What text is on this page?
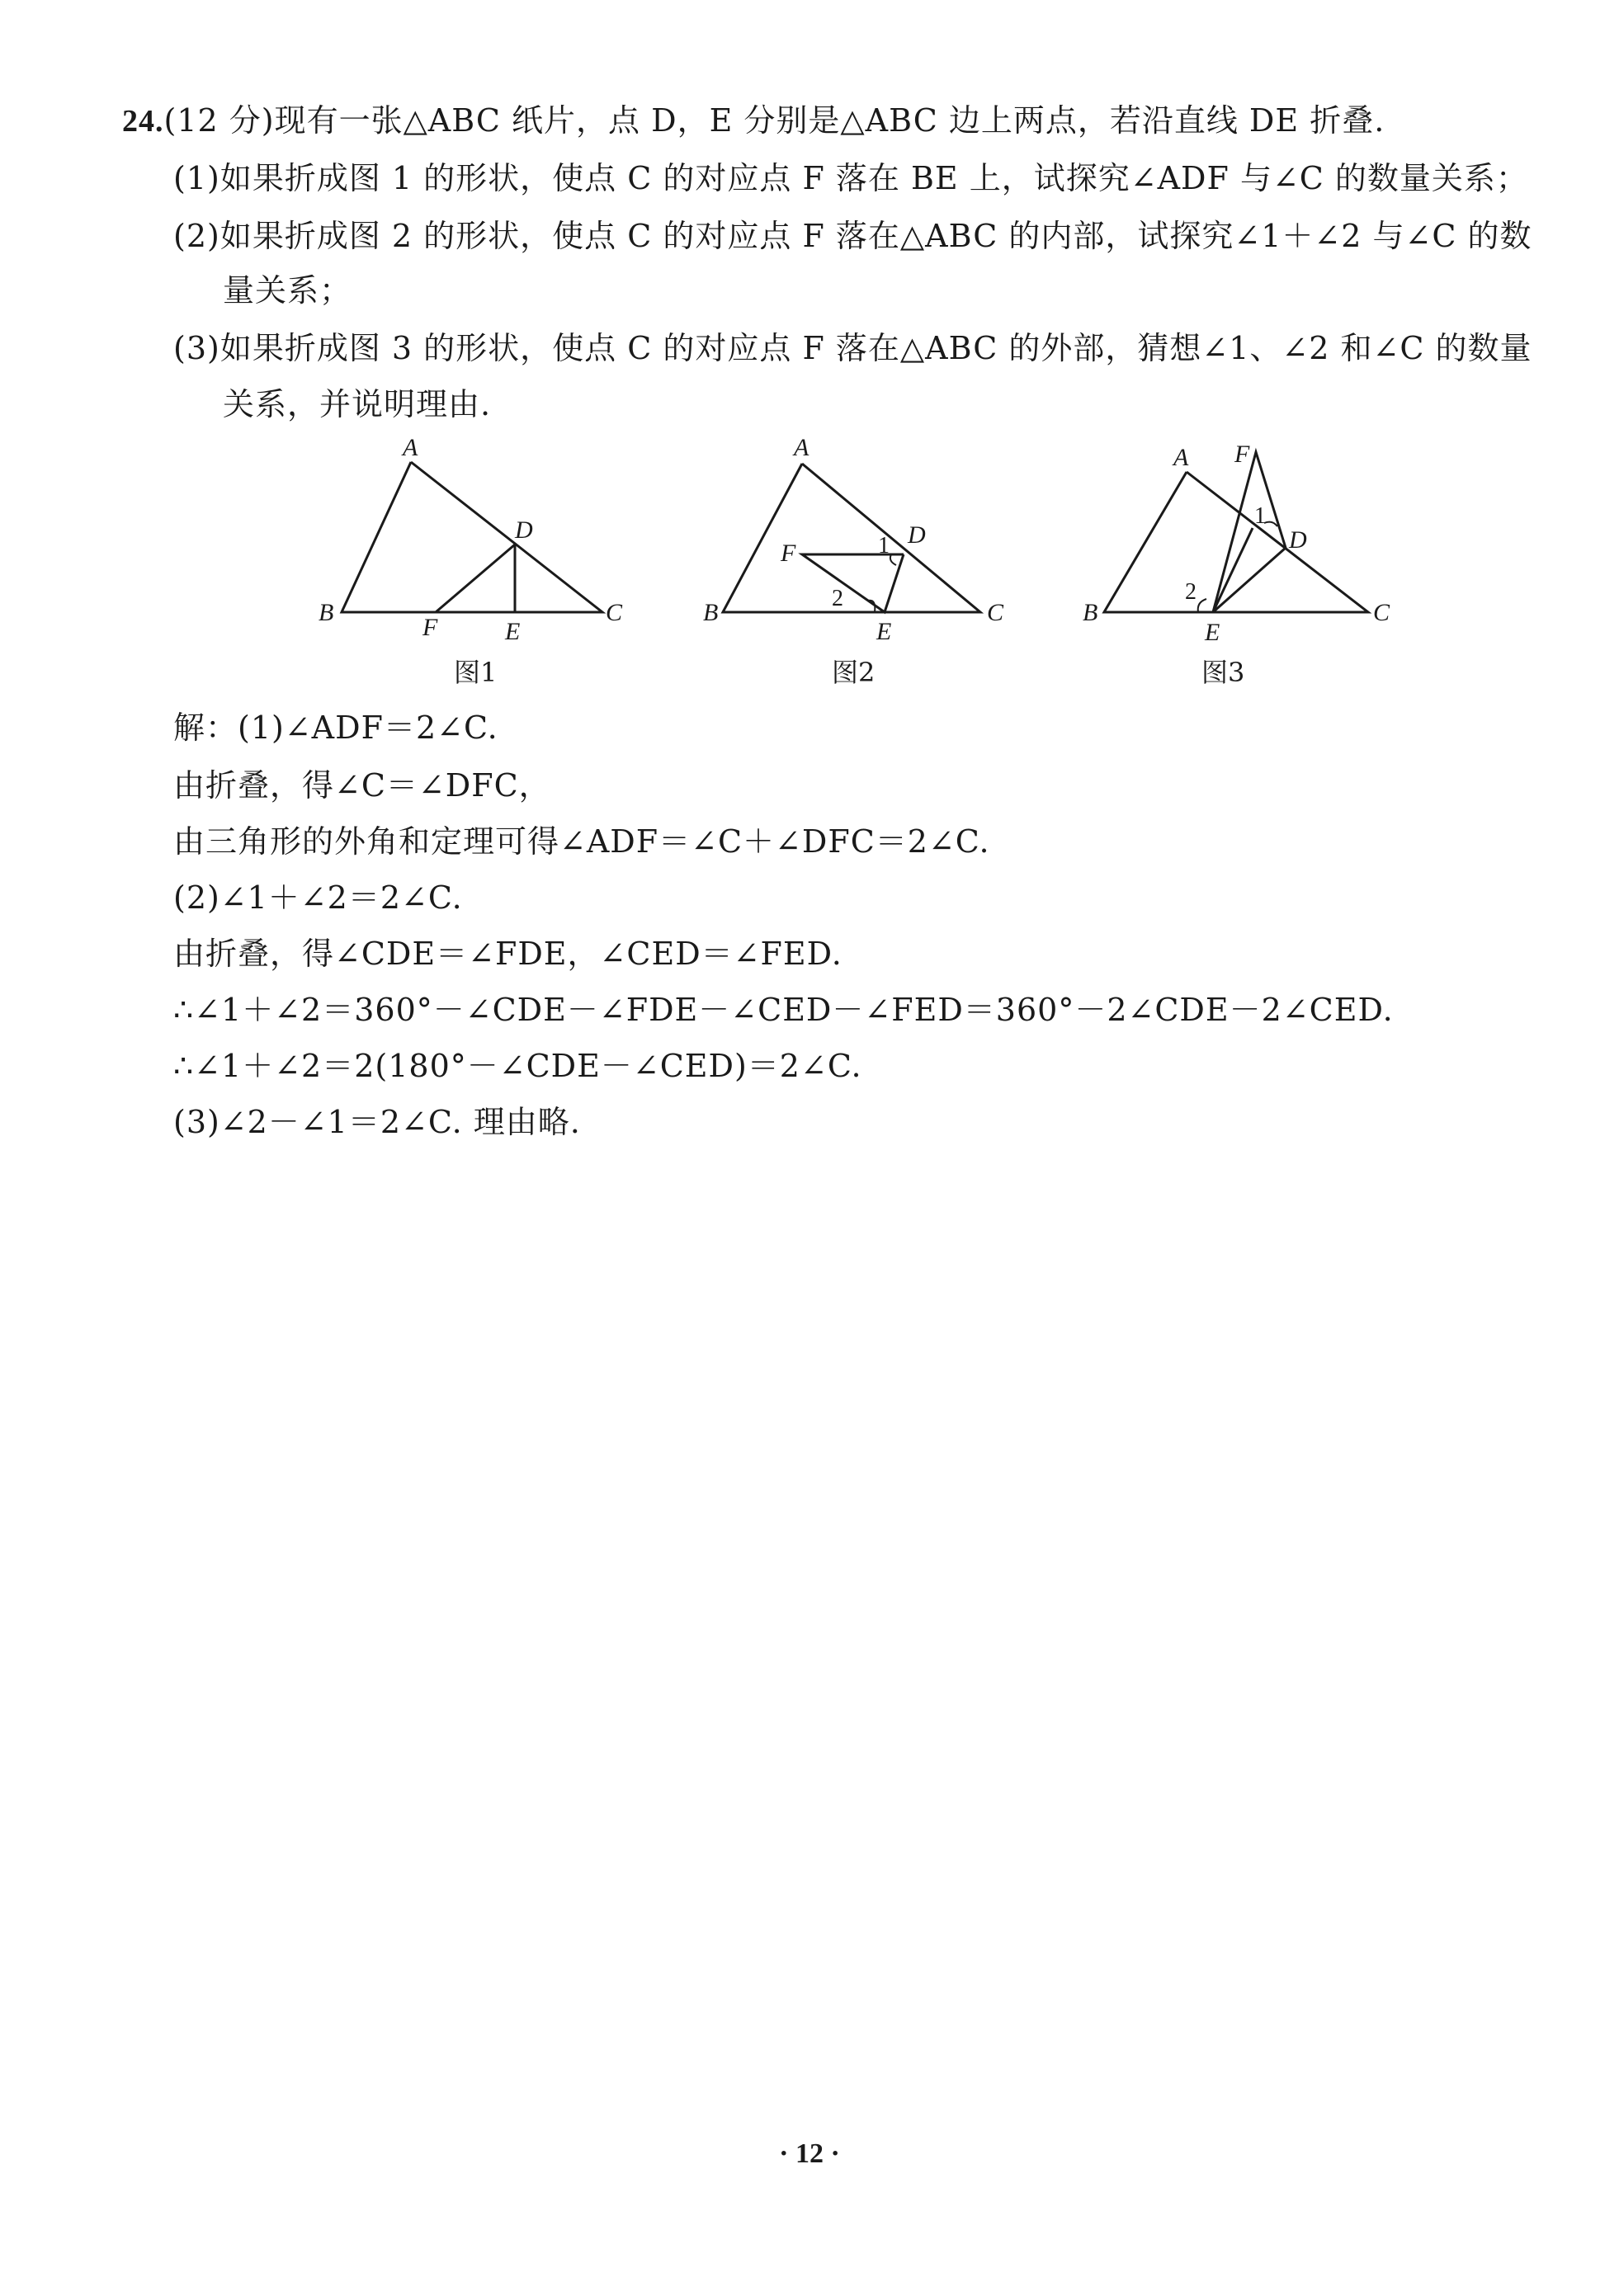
24.(12 分)现有一张△ABC 纸片，点 D，E 分别是△ABC 边上两点，若沿直线 DE 折叠.
(1)如果折成图 1 的形状，使点 C 的对应点 F 落在 BE 上，试探究∠ADF 与∠C 的数量关系；
(2)如果折成图 2 的形状，使点 C 的对应点 F 落在△ABC 的内部，试探究∠1＋∠2 与∠C 的数
量关系；
(3)如果折成图 3 的形状，使点 C 的对应点 F 落在△ABC 的外部，猜想∠1、∠2 和∠C 的数量
关系，并说明理由.
A
B	C
D
E
F
图1
A
B	C
D
E
F	1
2
图2
A
B	C
D
E
F
1
2
图3
解：(1)∠ADF＝2∠C.
由折叠，得∠C＝∠DFC，
由三角形的外角和定理可得∠ADF＝∠C＋∠DFC＝2∠C.
(2)∠1＋∠2＝2∠C.
由折叠，得∠CDE＝∠FDE，∠CED＝∠FED.
∴∠1＋∠2＝360°－∠CDE－∠FDE－∠CED－∠FED＝360°－2∠CDE－2∠CED.
∴∠1＋∠2＝2(180°－∠CDE－∠CED)＝2∠C.
(3)∠2－∠1＝2∠C. 理由略.
· 12 ·
